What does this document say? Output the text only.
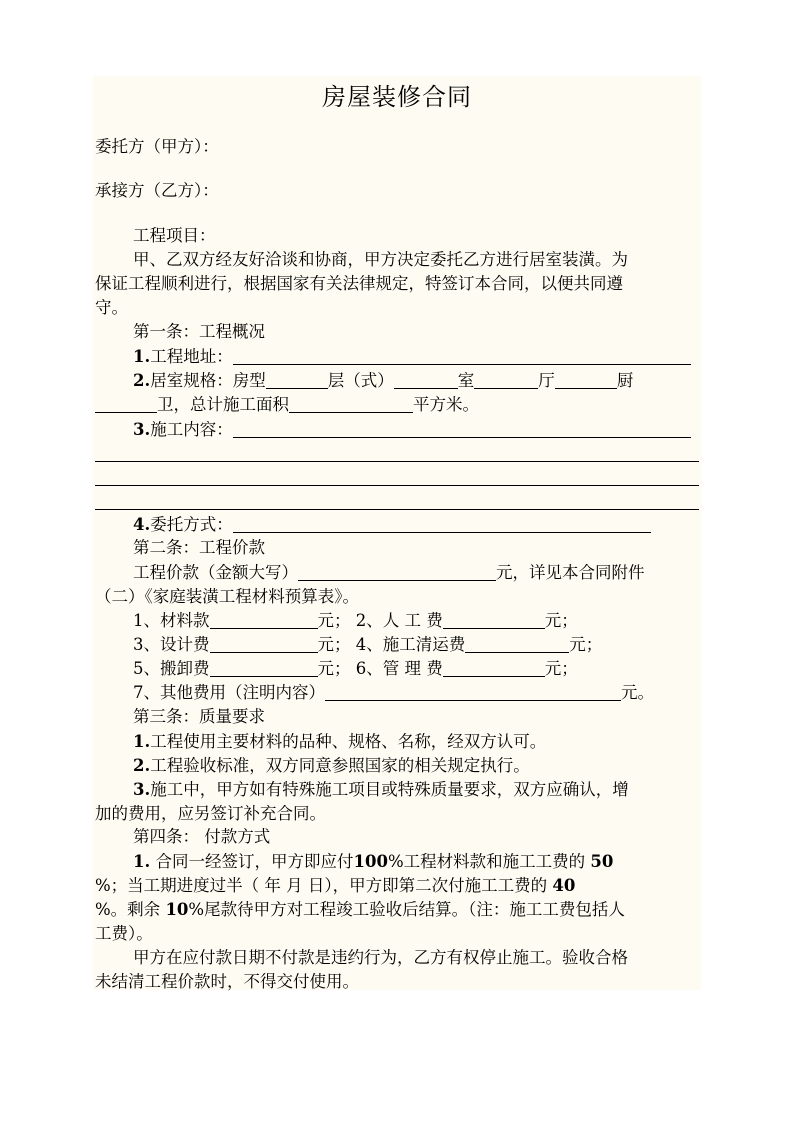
房屋装修合同
委托方（甲方）：
承接方（乙方）：
工程项目：
甲、乙双方经友好洽谈和协商，甲方决定委托乙方进行居室装潢。为
保证工程顺利进行，根据国家有关法律规定，特签订本合同，以便共同遵
守。
第一条：工程概况
1.工程地址：
2.居室规格：房型	层（式）	室	厅	厨
卫，总计施工面积	平方米。
3.施工内容：
4.委托方式：
第二条：工程价款
工程价款（金额大写）	元，详见本合同附件
（二）《家庭装潢工程材料预算表》。
1、材料款	元； 2、人 工 费	元；
3、设计费	元； 4、施工清运费	元；
5、搬卸费	元； 6、管 理 费	元；
7、其他费用（注明内容）	元。
第三条：质量要求
1.工程使用主要材料的品种、规格、名称，经双方认可。
2.工程验收标准，双方同意参照国家的相关规定执行。
3.施工中，甲方如有特殊施工项目或特殊质量要求，双方应确认，增
加的费用，应另签订补充合同。
第四条： 付款方式
1. 合同一经签订，甲方即应付100%工程材料款和施工工费的 50
%；当工期进度过半（ 年 月 日），甲方即第二次付施工工费的 40
%。剩余 10%尾款待甲方对工程竣工验收后结算。（注：施工工费包括人
工费）。
甲方在应付款日期不付款是违约行为，乙方有权停止施工。验收合格
未结清工程价款时，不得交付使用。
